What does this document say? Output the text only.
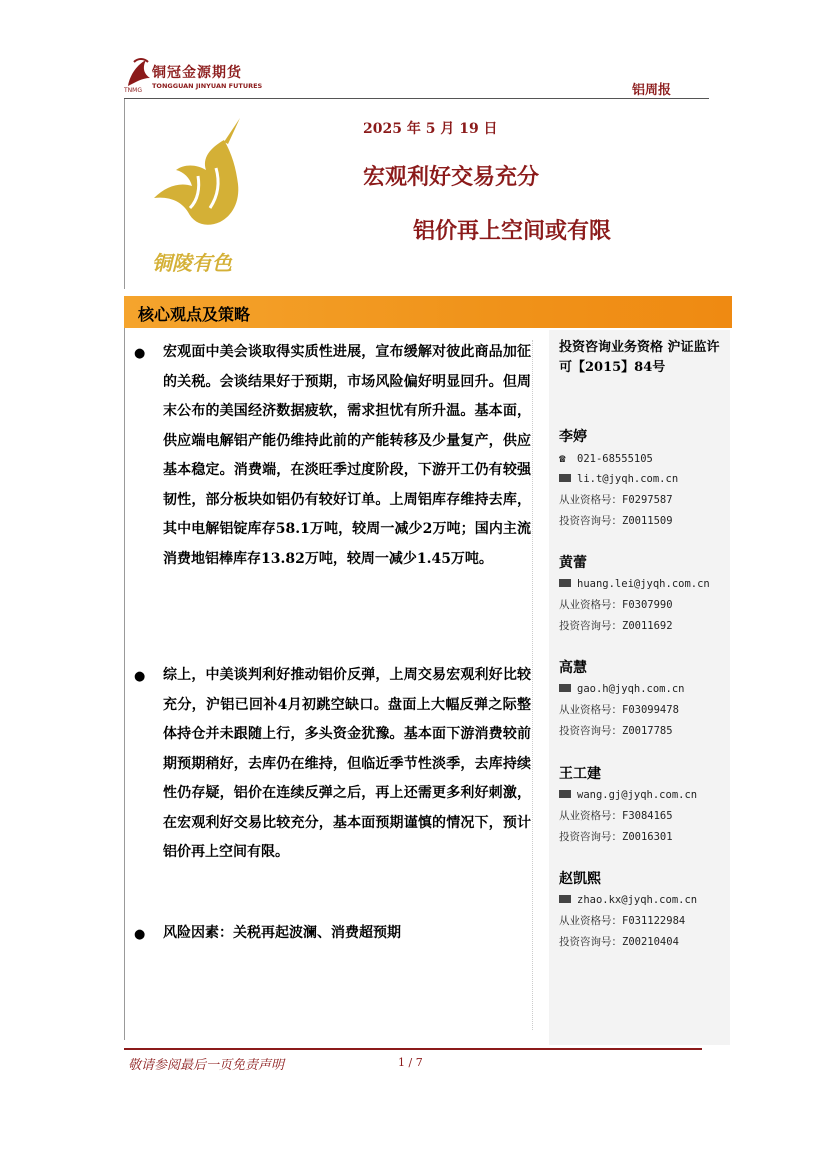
铜冠金源期货
TONGGUAN JINYUAN FUTURES
TNMG	铝周报
铜陵有色
2025 年 5 月 19 日
宏观利好交易充分
铝价再上空间或有限
核心观点及策略
● 宏观面中美会谈取得实质性进展，宣布缓解对彼此商品加征的关税。会谈结果好于预期，市场风险偏好明显回升。但周末公布的美国经济数据疲软，需求担忧有所升温。基本面，供应端电解铝产能仍维持此前的产能转移及少量复产，供应基本稳定。消费端，在淡旺季过度阶段，下游开工仍有较强韧性，部分板块如铝仍有较好订单。上周铝库存维持去库，其中电解铝锭库存58.1万吨，较周一减少2万吨；国内主流消费地铝棒库存13.82万吨，较周一减少1.45万吨。
● 综上，中美谈判利好推动铝价反弹，上周交易宏观利好比较充分，沪铝已回补4月初跳空缺口。盘面上大幅反弹之际整体持仓并未跟随上行，多头资金犹豫。基本面下游消费较前期预期稍好，去库仍在维持，但临近季节性淡季，去库持续性仍存疑，铝价在连续反弹之后，再上还需更多利好刺激，在宏观利好交易比较充分，基本面预期谨慎的情况下，预计铝价再上空间有限。
● 风险因素：关税再起波澜、消费超预期
投资咨询业务资格 沪证监许可【2015】84号
李婷
☎ 021-68555105
li.t@jyqh.com.cn
从业资格号：F0297587
投资咨询号：Z0011509
黄蕾
huang.lei@jyqh.com.cn
从业资格号：F0307990
投资咨询号：Z0011692
高慧
gao.h@jyqh.com.cn
从业资格号：F03099478
投资咨询号：Z0017785
王工建
wang.gj@jyqh.com.cn
从业资格号：F3084165
投资咨询号：Z0016301
赵凯熙
zhao.kx@jyqh.com.cn
从业资格号：F031122984
投资咨询号：Z00210404
敬请参阅最后一页免责声明	1 / 7
